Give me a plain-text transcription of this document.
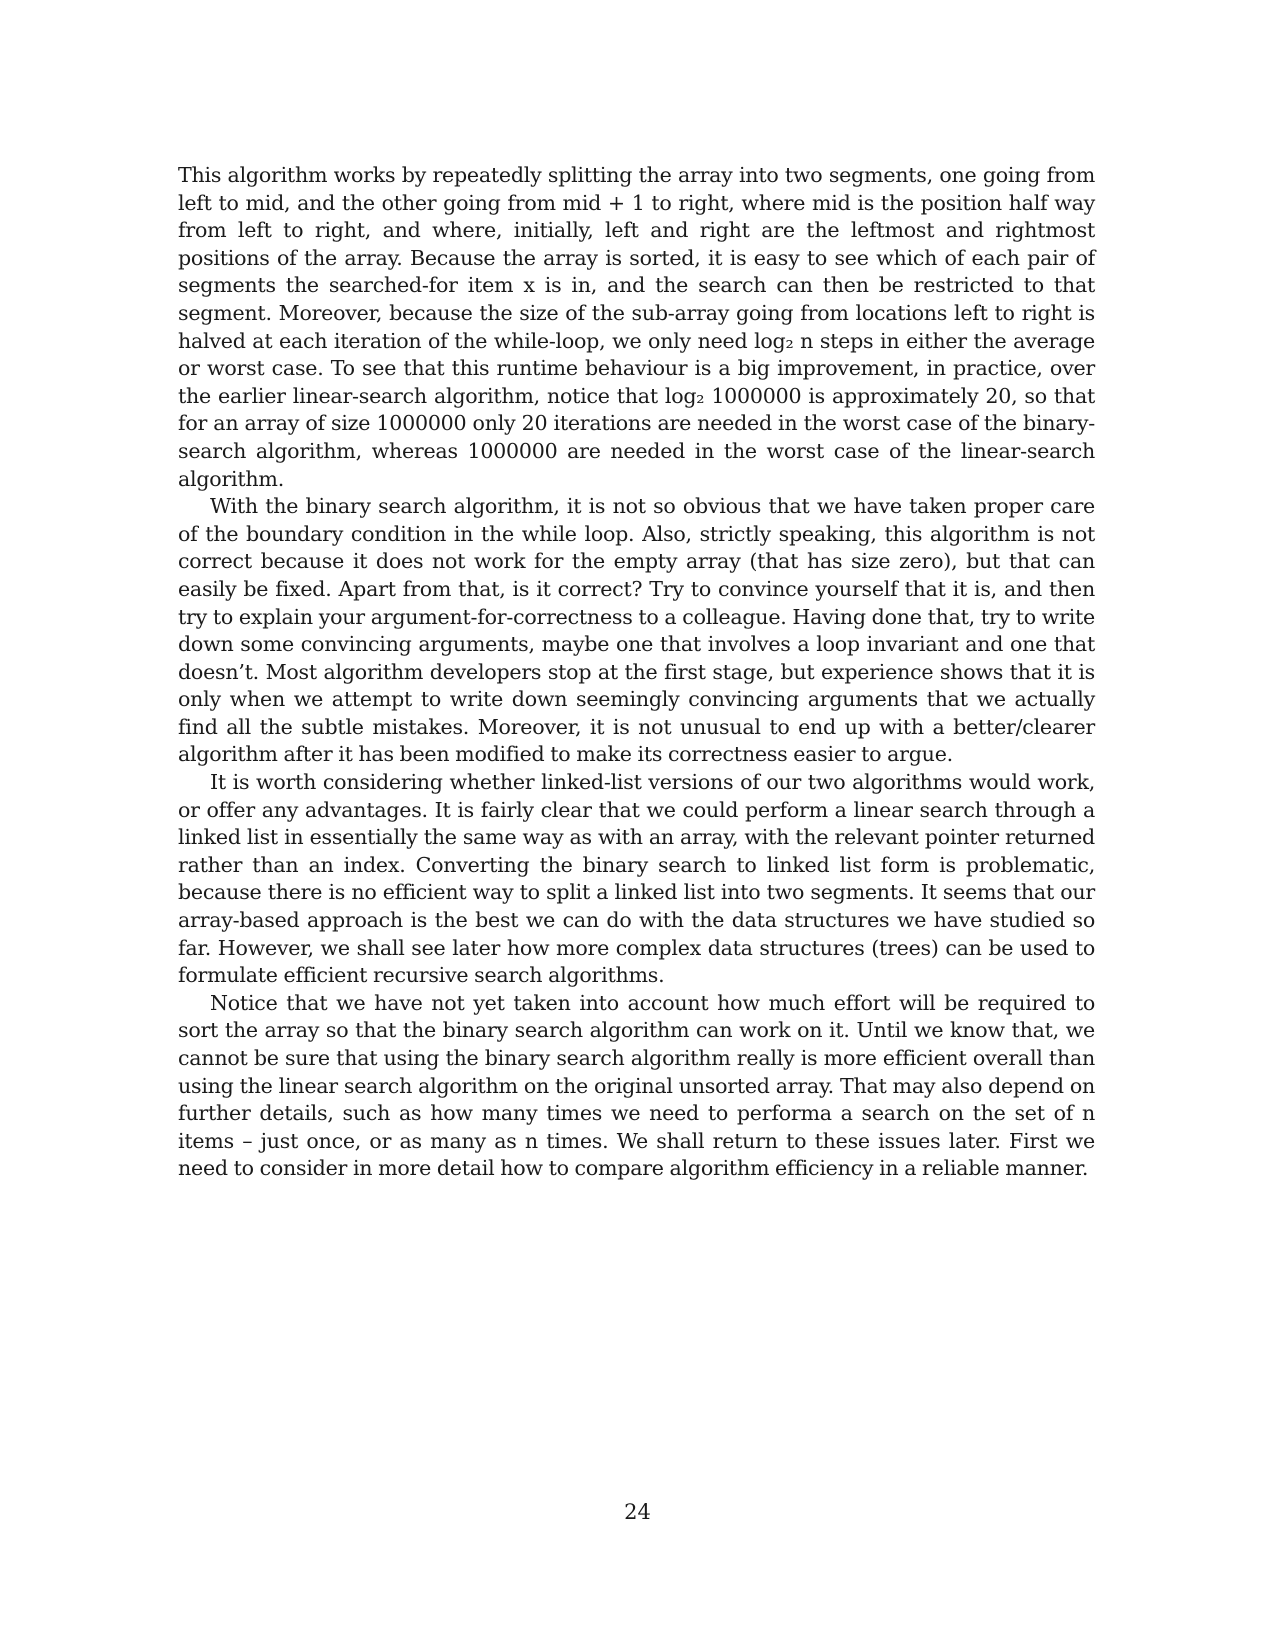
This algorithm works by repeatedly splitting the array into two segments, one going from left to mid, and the other going from mid + 1 to right, where mid is the position half way from left to right, and where, initially, left and right are the leftmost and rightmost positions of the array. Because the array is sorted, it is easy to see which of each pair of segments the searched-for item x is in, and the search can then be restricted to that segment. Moreover, because the size of the sub-array going from locations left to right is halved at each iteration of the while-loop, we only need log₂ n steps in either the average or worst case. To see that this runtime behaviour is a big improvement, in practice, over the earlier linear-search algorithm, notice that log₂ 1000000 is approximately 20, so that for an array of size 1000000 only 20 iterations are needed in the worst case of the binary-search algorithm, whereas 1000000 are needed in the worst case of the linear-search algorithm.

With the binary search algorithm, it is not so obvious that we have taken proper care of the boundary condition in the while loop. Also, strictly speaking, this algorithm is not correct because it does not work for the empty array (that has size zero), but that can easily be fixed. Apart from that, is it correct? Try to convince yourself that it is, and then try to explain your argument-for-correctness to a colleague. Having done that, try to write down some convincing arguments, maybe one that involves a loop invariant and one that doesn’t. Most algorithm developers stop at the first stage, but experience shows that it is only when we attempt to write down seemingly convincing arguments that we actually find all the subtle mistakes. Moreover, it is not unusual to end up with a better/clearer algorithm after it has been modified to make its correctness easier to argue.

It is worth considering whether linked-list versions of our two algorithms would work, or offer any advantages. It is fairly clear that we could perform a linear search through a linked list in essentially the same way as with an array, with the relevant pointer returned rather than an index. Converting the binary search to linked list form is problematic, because there is no efficient way to split a linked list into two segments. It seems that our array-based approach is the best we can do with the data structures we have studied so far. However, we shall see later how more complex data structures (trees) can be used to formulate efficient recursive search algorithms.

Notice that we have not yet taken into account how much effort will be required to sort the array so that the binary search algorithm can work on it. Until we know that, we cannot be sure that using the binary search algorithm really is more efficient overall than using the linear search algorithm on the original unsorted array. That may also depend on further details, such as how many times we need to performa a search on the set of n items – just once, or as many as n times. We shall return to these issues later. First we need to consider in more detail how to compare algorithm efficiency in a reliable manner.

24
